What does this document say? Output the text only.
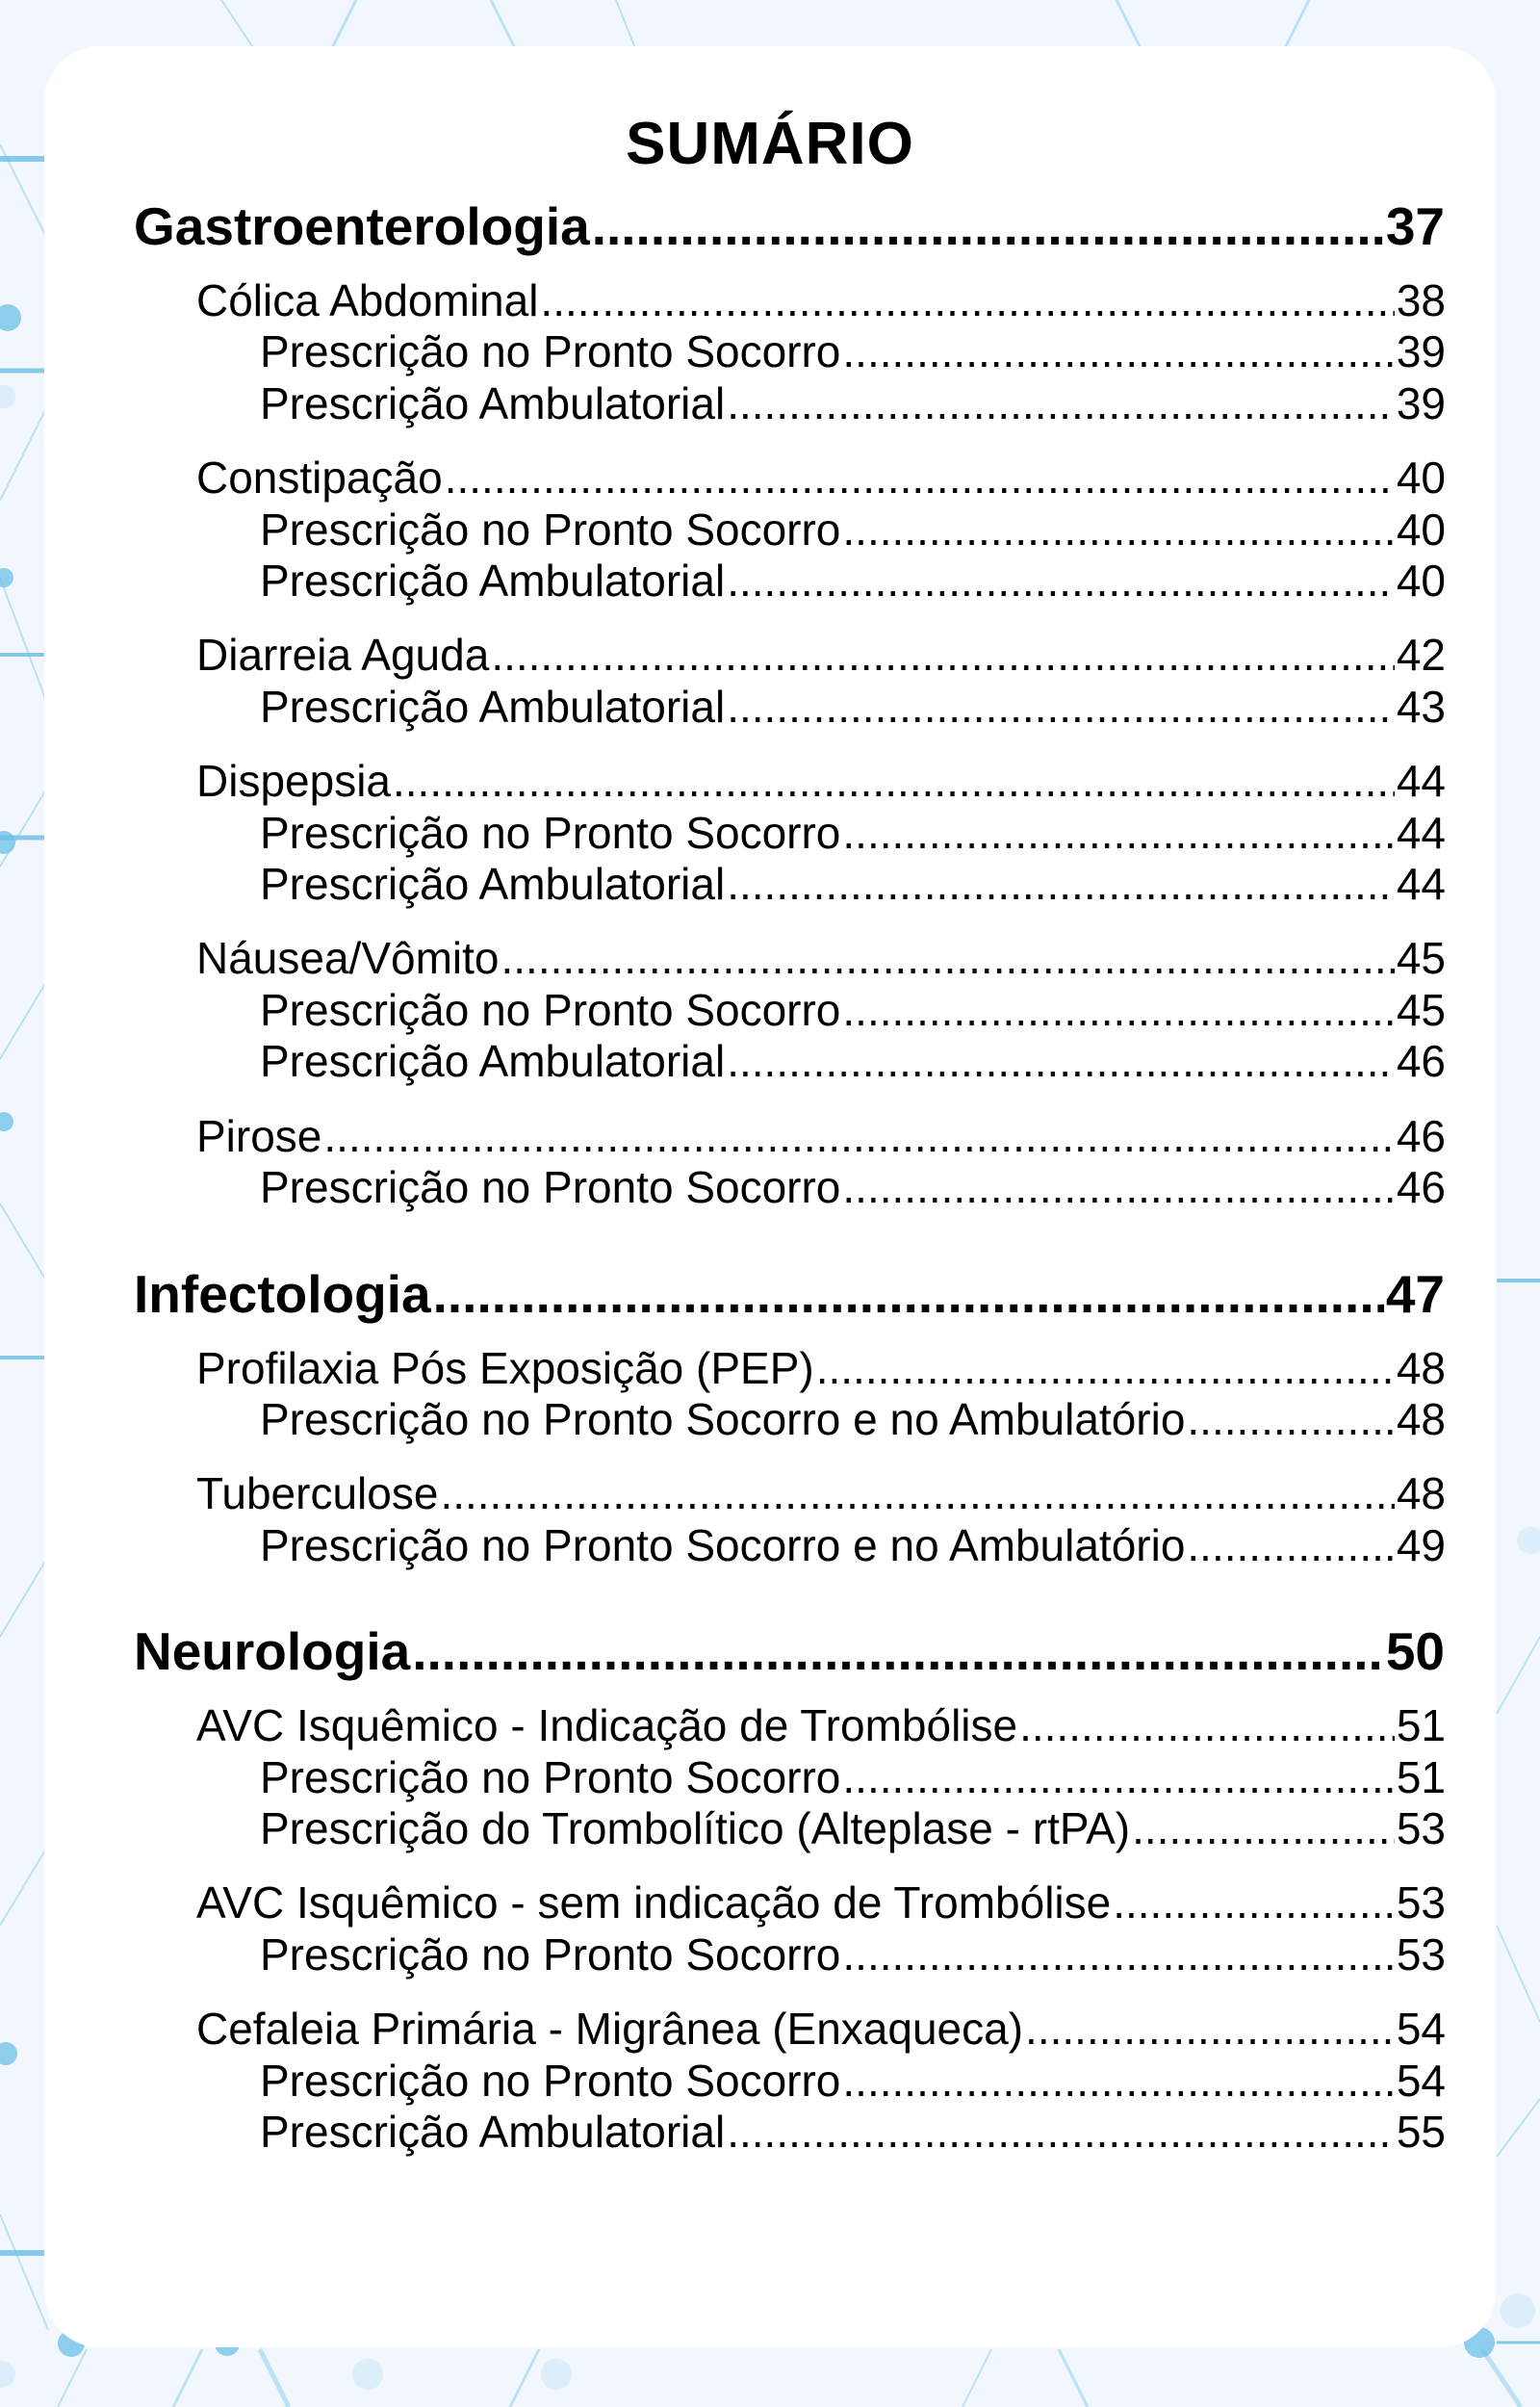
SUMÁRIO
Gastroenterologia .....	37
Cólica Abdominal .....	38
Prescrição no Pronto Socorro .....	39
Prescrição Ambulatorial .....	39
Constipação .....	40
Prescrição no Pronto Socorro .....	40
Prescrição Ambulatorial .....	40
Diarreia Aguda .....	42
Prescrição Ambulatorial .....	43
Dispepsia .....	44
Prescrição no Pronto Socorro .....	44
Prescrição Ambulatorial .....	44
Náusea/Vômito .....	45
Prescrição no Pronto Socorro .....	45
Prescrição Ambulatorial .....	46
Pirose .....	46
Prescrição no Pronto Socorro .....	46
Infectologia .....	47
Profilaxia Pós Exposição (PEP) .....	48
Prescrição no Pronto Socorro e no Ambulatório .....	48
Tuberculose .....	48
Prescrição no Pronto Socorro e no Ambulatório .....	49
Neurologia .....	50
AVC Isquêmico - Indicação de Trombólise .....	51
Prescrição no Pronto Socorro .....	51
Prescrição do Trombolítico (Alteplase - rtPA) .....	53
AVC Isquêmico - sem indicação de Trombólise .....	53
Prescrição no Pronto Socorro .....	53
Cefaleia Primária - Migrânea (Enxaqueca) .....	54
Prescrição no Pronto Socorro .....	54
Prescrição Ambulatorial .....	55
